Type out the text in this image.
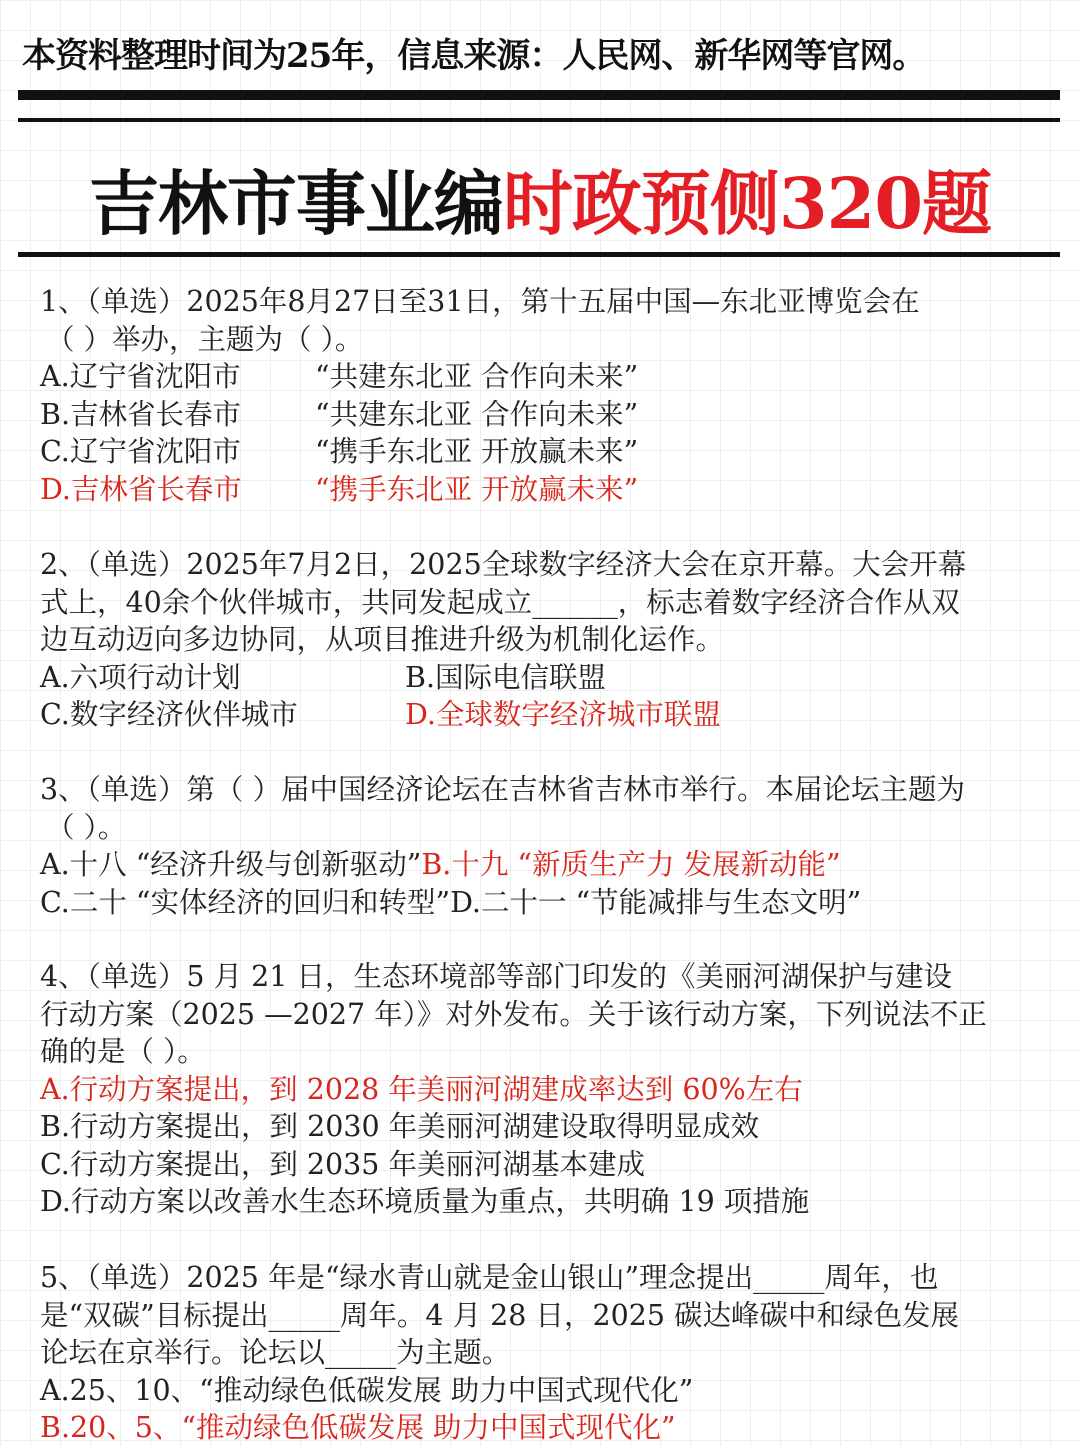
本资料整理时间为25年，信息来源：人民网、新华网等官网。
吉林市事业编时政预侧320题
1、（单选）2025年8月27日至31日，第十五届中国—东北亚博览会在
（ ）举办，主题为（ ）。
A.辽宁省沈阳市	“共建东北亚 合作向未来”
B.吉林省长春市	“共建东北亚 合作向未来”
C.辽宁省沈阳市	“携手东北亚 开放赢未来”
D.吉林省长春市	“携手东北亚 开放赢未来”
2、（单选）2025年7月2日，2025全球数字经济大会在京开幕。大会开幕
式上，40余个伙伴城市，共同发起成立______，标志着数字经济合作从双
边互动迈向多边协同，从项目推进升级为机制化运作。
A.六项行动计划	B.国际电信联盟
C.数字经济伙伴城市	D.全球数字经济城市联盟
3、（单选）第（ ）届中国经济论坛在吉林省吉林市举行。本届论坛主题为
（ ）。
A.十八 “经济升级与创新驱动”B.十九 “新质生产力 发展新动能”
C.二十 “实体经济的回归和转型”D.二十一 “节能减排与生态文明”
4、（单选）5 月 21 日，生态环境部等部门印发的《美丽河湖保护与建设
行动方案（2025 —2027 年）》对外发布。关于该行动方案，下列说法不正
确的是（ ）。
A.行动方案提出，到 2028 年美丽河湖建成率达到 60%左右
B.行动方案提出，到 2030 年美丽河湖建设取得明显成效
C.行动方案提出，到 2035 年美丽河湖基本建成
D.行动方案以改善水生态环境质量为重点，共明确 19 项措施
5、（单选）2025 年是“绿水青山就是金山银山”理念提出_____周年，也
是“双碳”目标提出_____周年。4 月 28 日，2025 碳达峰碳中和绿色发展
论坛在京举行。论坛以_____为主题。
A.25、10、“推动绿色低碳发展 助力中国式现代化”
B.20、5、“推动绿色低碳发展 助力中国式现代化”
